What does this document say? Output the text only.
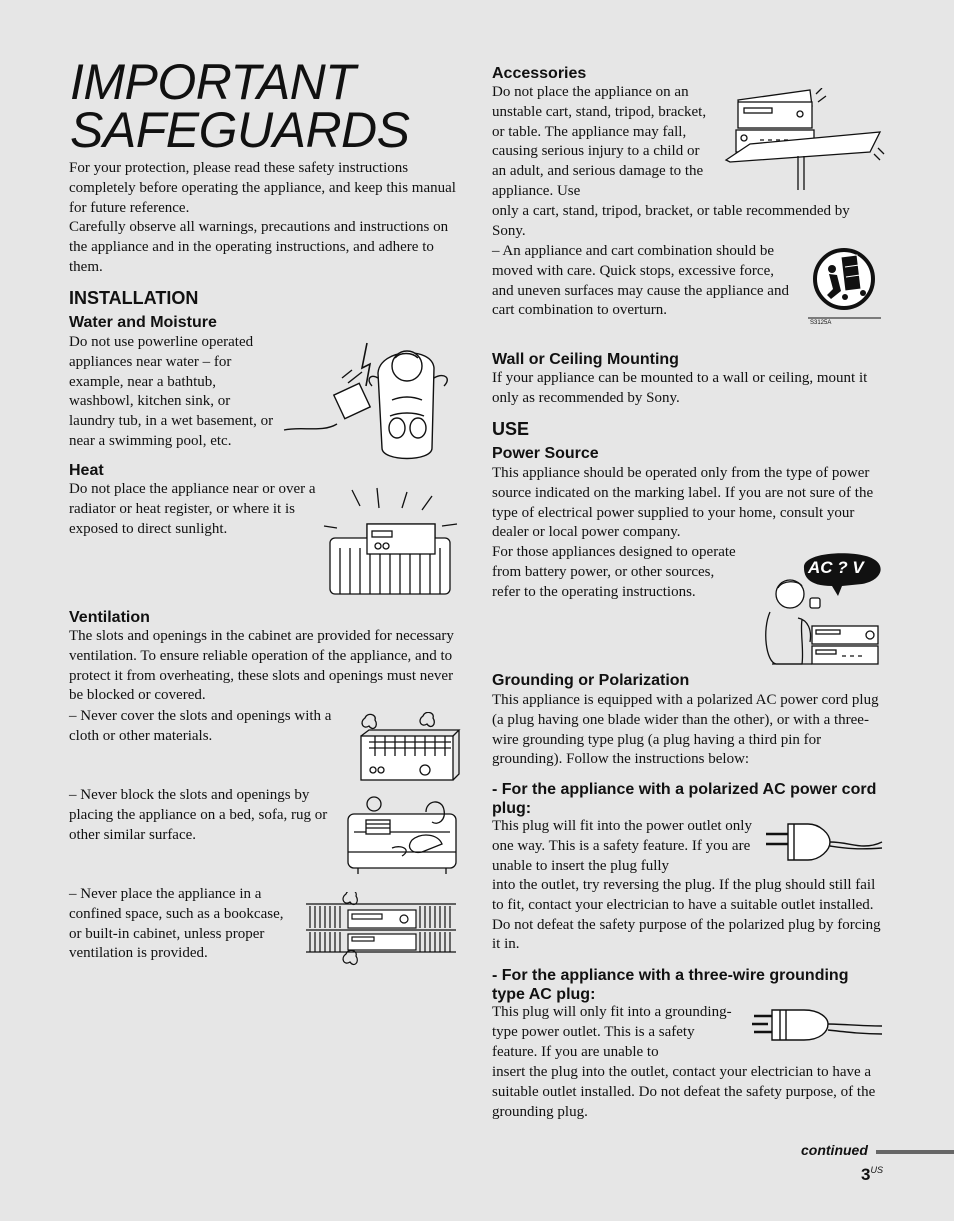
IMPORTANT
SAFEGUARDS
For your protection, please read these safety instructions completely before operating the appliance, and keep this manual for future reference.
Carefully observe all warnings, precautions and instructions on the appliance and in the operating instructions, and adhere to them.
INSTALLATION
Water and Moisture
Do not use powerline operated appliances near water – for example, near a bathtub, washbowl, kitchen sink, or laundry tub, in a wet basement, or near a swimming pool, etc.
Heat
Do not place the appliance near or over a radiator or heat register, or where it is exposed to direct sunlight.
Ventilation
The slots and openings in the cabinet are provided for necessary ventilation. To ensure reliable operation of the appliance, and to protect it from overheating, these slots and openings must never be blocked or covered.
– Never cover the slots and openings with a cloth or other materials.
– Never block the slots and openings by placing the appliance on a bed, sofa, rug or other similar surface.
– Never place the appliance in a confined space, such as a bookcase, or built-in cabinet, unless proper ventilation is provided.
Accessories
Do not place the appliance on an unstable cart, stand, tripod, bracket, or table. The appliance may fall, causing serious injury to a child or an adult, and serious damage to the appliance. Use
only a cart, stand, tripod, bracket, or table recommended by Sony.
– An appliance and cart combination should be moved with care. Quick stops, excessive force, and uneven surfaces may cause the appliance and cart combination to overturn.
S3125A
Wall or Ceiling Mounting
If your appliance can be mounted to a wall or ceiling, mount it only as recommended by Sony.
USE
Power Source
This appliance should be operated only from the type of power source indicated on the marking label. If you are not sure of the type of electrical power supplied to your home, consult your dealer or local power company.
For those appliances designed to operate from battery power, or other sources, refer to the operating instructions.
AC ? V
Grounding or Polarization
This appliance is equipped with a polarized AC power cord plug (a plug having one blade wider than the other), or with a three-wire grounding type plug (a plug having a third pin for grounding). Follow the instructions below:
- For the appliance with a polarized AC power cord plug:
This plug will fit into the power outlet only one way. This is a safety feature. If you are unable to insert the plug fully
into the outlet, try reversing the plug. If the plug should still fail to fit, contact your electrician to have a suitable outlet installed. Do not defeat the safety purpose of the polarized plug by forcing it in.
- For the appliance with a three-wire grounding type AC plug:
This plug will only fit into a grounding-type power outlet. This is a safety feature. If you are unable to
insert the plug into the outlet, contact your electrician to have a suitable outlet installed. Do not defeat the safety purpose, of the grounding plug.
continued
$3^{US}$
